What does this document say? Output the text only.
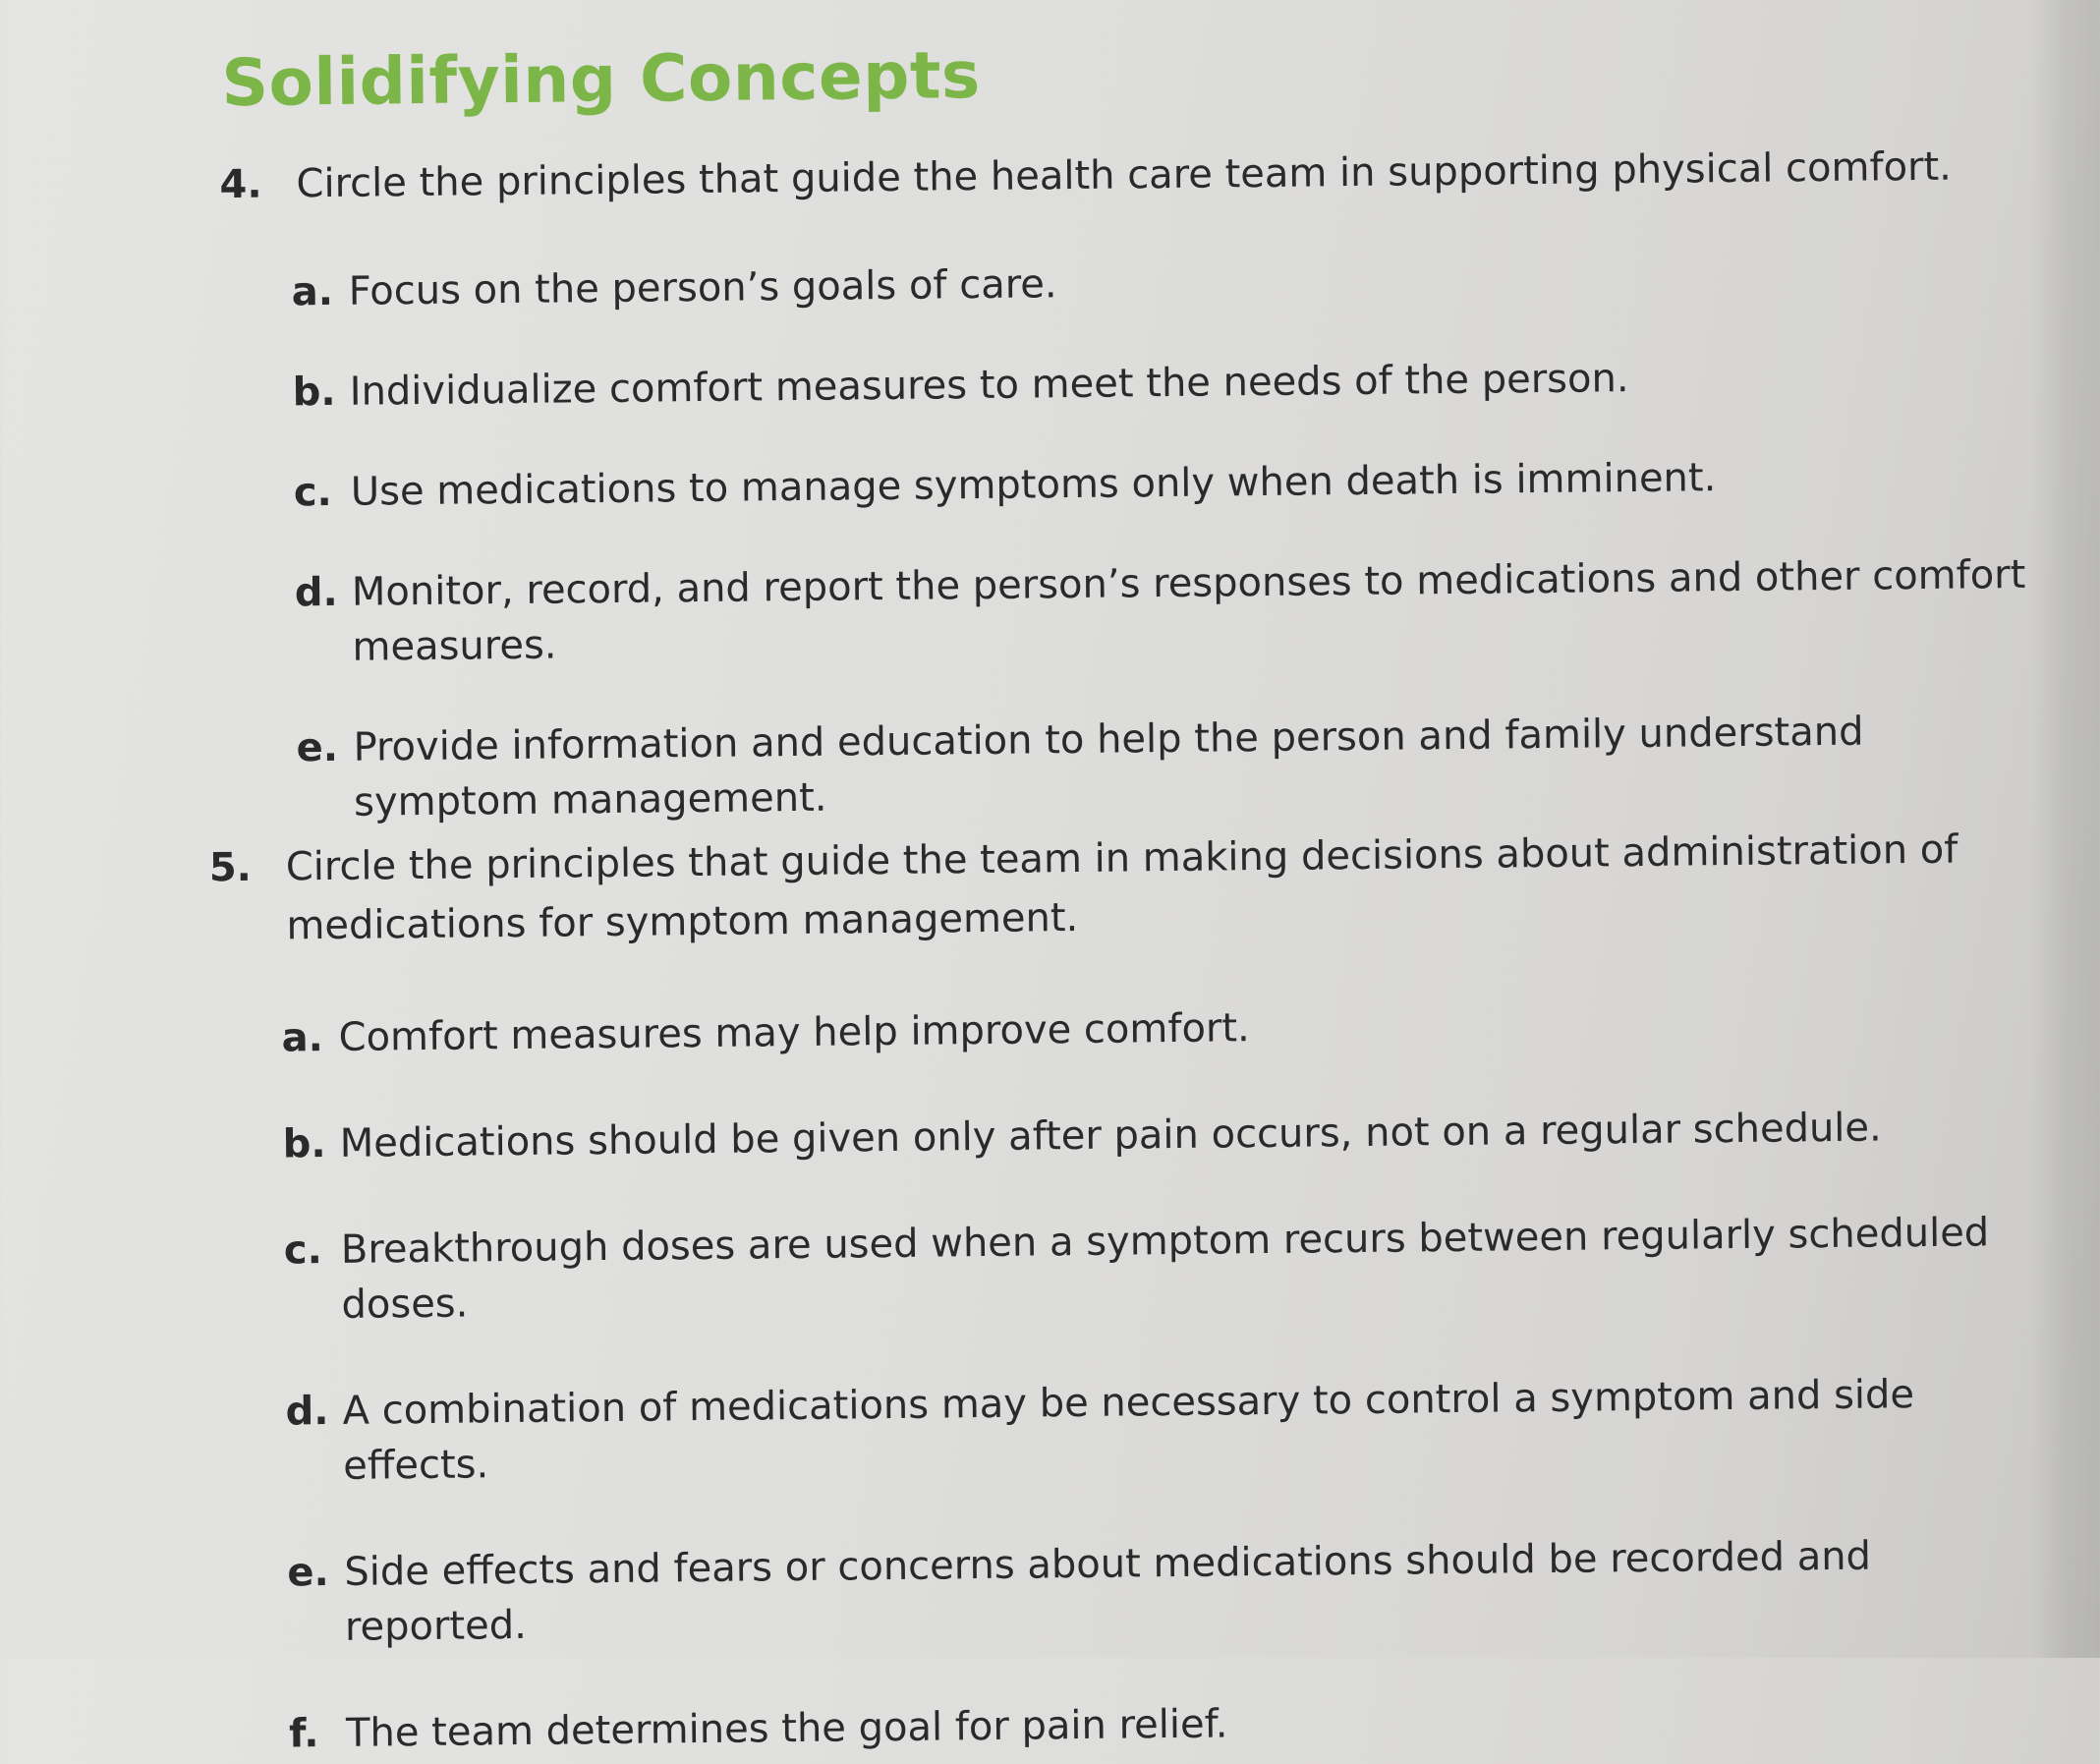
Solidifying Concepts
4. Circle the principles that guide the health care team in supporting physical comfort.
a. Focus on the person’s goals of care.
b. Individualize comfort measures to meet the needs of the person.
c. Use medications to manage symptoms only when death is imminent.
d. Monitor, record, and report the person’s responses to medications and other comfort measures.
e. Provide information and education to help the person and family understand symptom management.
5. Circle the principles that guide the team in making decisions about administration of medications for symptom management.
a. Comfort measures may help improve comfort.
b. Medications should be given only after pain occurs, not on a regular schedule.
c. Breakthrough doses are used when a symptom recurs between regularly scheduled doses.
d. A combination of medications may be necessary to control a symptom and side effects.
e. Side effects and fears or concerns about medications should be recorded and reported.
f. The team determines the goal for pain relief.
